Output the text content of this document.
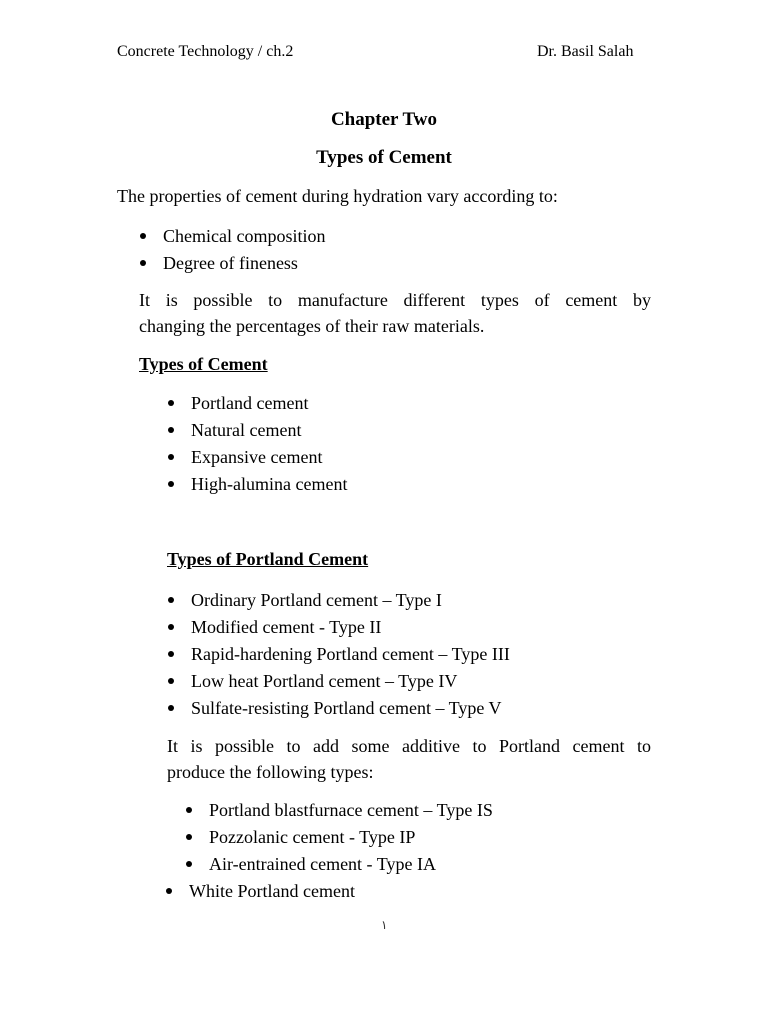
Concrete Technology / ch.2	Dr. Basil Salah

Chapter Two
Types of Cement

The properties of cement during hydration vary according to:

Chemical composition
Degree of fineness

It is possible to manufacture different types of cement by
changing the percentages of their raw materials.

Types of Cement
Portland cement
Natural cement
Expansive cement
High-alumina cement
Types of Portland Cement
Ordinary Portland cement – Type I
Modified cement - Type II
Rapid-hardening Portland cement – Type III
Low heat Portland cement – Type IV
Sulfate-resisting Portland cement – Type V

It is possible to add some additive to Portland cement to
produce the following types:

Portland blastfurnace cement – Type IS
Pozzolanic cement - Type IP
Air-entrained cement - Type IA
White Portland cement

١
